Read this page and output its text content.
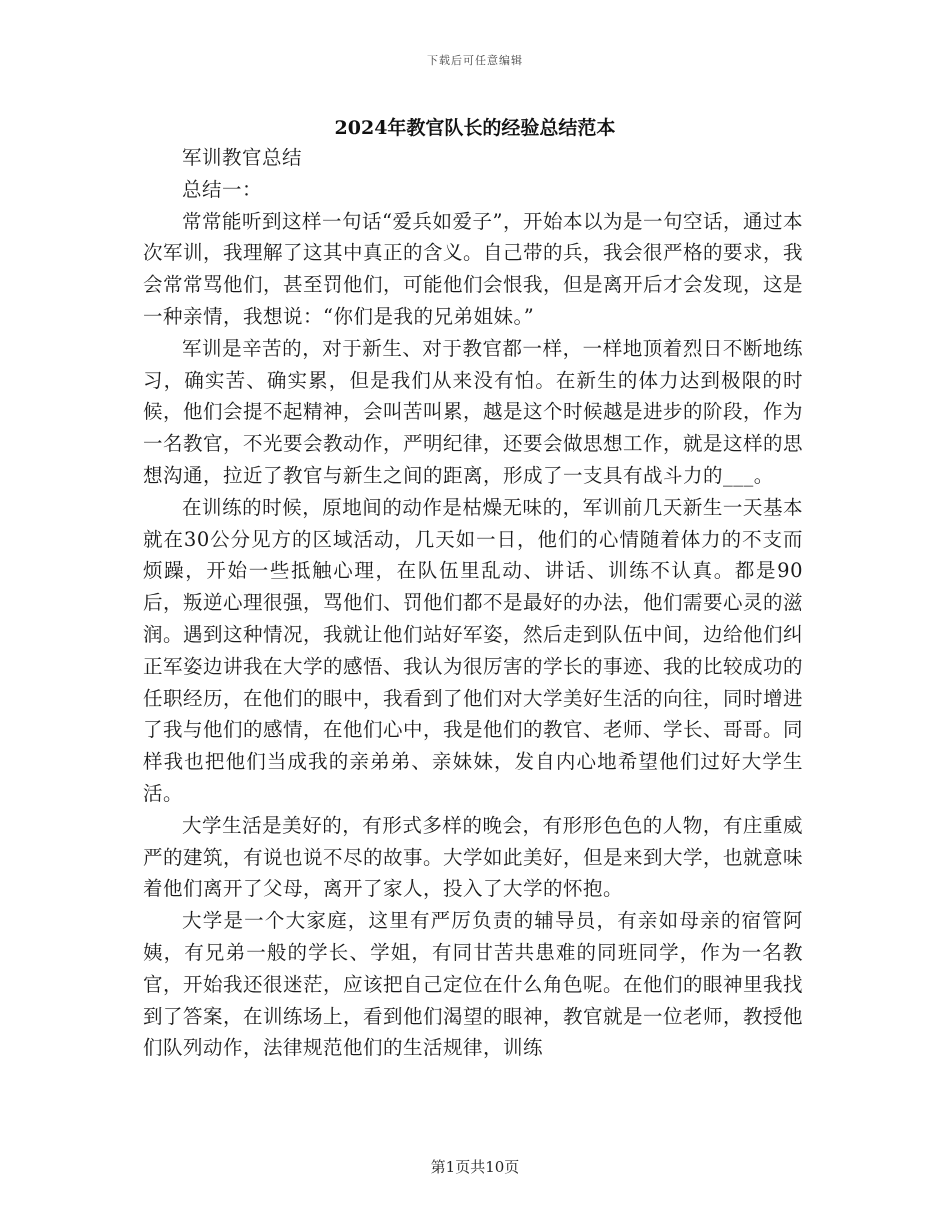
下载后可任意编辑
2024年教官队长的经验总结范本

军训教官总结

总结一：

常常能听到这样一句话“爱兵如爱子”，开始本以为是一句空话，通过本次军训，我理解了这其中真正的含义。自己带的兵，我会很严格的要求，我会常常骂他们，甚至罚他们，可能他们会恨我，但是离开后才会发现，这是一种亲情，我想说：“你们是我的兄弟姐妹。”

军训是辛苦的，对于新生、对于教官都一样，一样地顶着烈日不断地练习，确实苦、确实累，但是我们从来没有怕。在新生的体力达到极限的时候，他们会提不起精神，会叫苦叫累，越是这个时候越是进步的阶段，作为一名教官，不光要会教动作，严明纪律，还要会做思想工作，就是这样的思想沟通，拉近了教官与新生之间的距离，形成了一支具有战斗力的___。

在训练的时候，原地间的动作是枯燥无味的，军训前几天新生一天基本就在30公分见方的区域活动，几天如一日，他们的心情随着体力的不支而烦躁，开始一些抵触心理，在队伍里乱动、讲话、训练不认真。都是90后，叛逆心理很强，骂他们、罚他们都不是最好的办法，他们需要心灵的滋润。遇到这种情况，我就让他们站好军姿，然后走到队伍中间，边给他们纠正军姿边讲我在大学的感悟、我认为很厉害的学长的事迹、我的比较成功的任职经历，在他们的眼中，我看到了他们对大学美好生活的向往，同时增进了我与他们的感情，在他们心中，我是他们的教官、老师、学长、哥哥。同样我也把他们当成我的亲弟弟、亲妹妹，发自内心地希望他们过好大学生活。

大学生活是美好的，有形式多样的晚会，有形形色色的人物，有庄重威严的建筑，有说也说不尽的故事。大学如此美好，但是来到大学，也就意味着他们离开了父母，离开了家人，投入了大学的怀抱。

大学是一个大家庭，这里有严厉负责的辅导员，有亲如母亲的宿管阿姨，有兄弟一般的学长、学姐，有同甘苦共患难的同班同学，作为一名教官，开始我还很迷茫，应该把自己定位在什么角色呢。在他们的眼神里我找到了答案，在训练场上，看到他们渴望的眼神，教官就是一位老师，教授他们队列动作，法律规范他们的生活规律，训练

第1页共10页
